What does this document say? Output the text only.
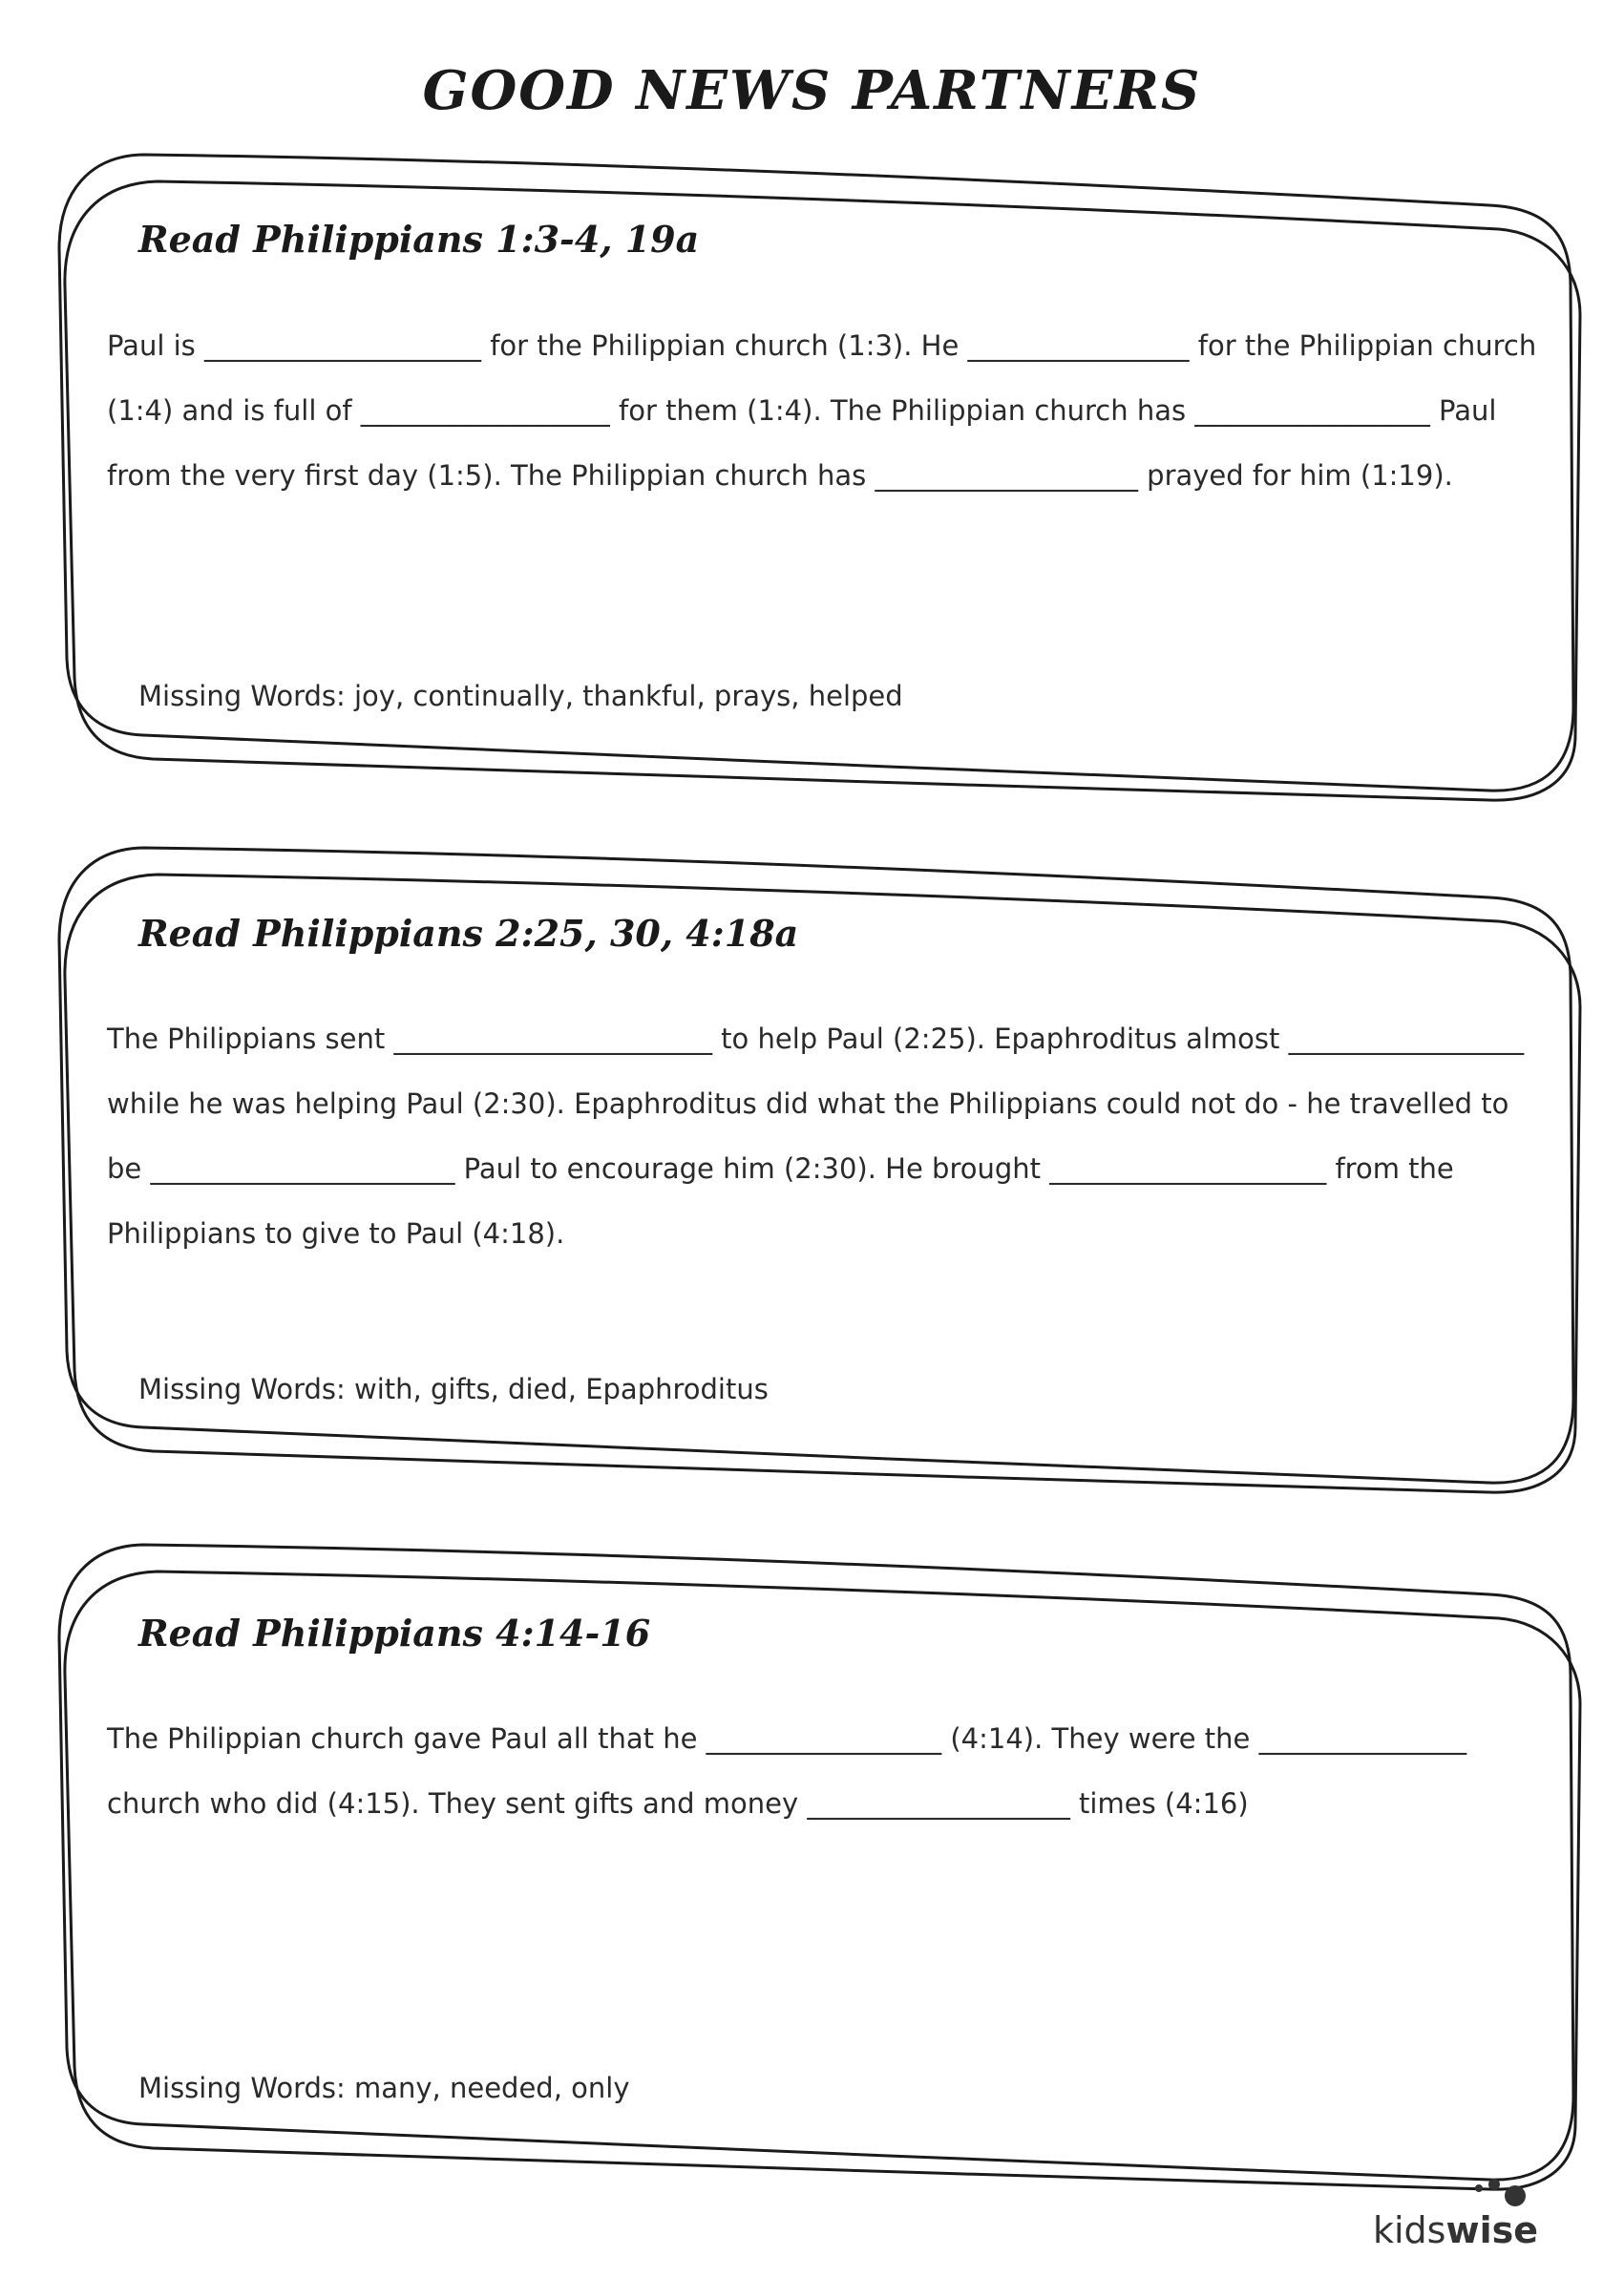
GOOD NEWS PARTNERS
Read Philippians 1:3-4, 19a
Paul is ____________________ for the Philippian church (1:3). He ________________ for the Philippian church (1:4) and is full of __________________ for them (1:4). The Philippian church has _________________ Paul from the very first day (1:5). The Philippian church has ___________________ prayed for him (1:19).
Missing Words: joy, continually, thankful, prays, helped
Read Philippians 2:25, 30, 4:18a
The Philippians sent _______________________ to help Paul (2:25). Epaphroditus almost _________________ while he was helping Paul (2:30). Epaphroditus did what the Philippians could not do - he travelled to be ______________________ Paul to encourage him (2:30). He brought ____________________ from the Philippians to give to Paul (4:18).
Missing Words: with, gifts, died, Epaphroditus
Read Philippians 4:14-16
The Philippian church gave Paul all that he _________________ (4:14). They were the _______________ church who did (4:15). They sent gifts and money ___________________ times (4:16)
Missing Words: many, needed, only
kidswise
